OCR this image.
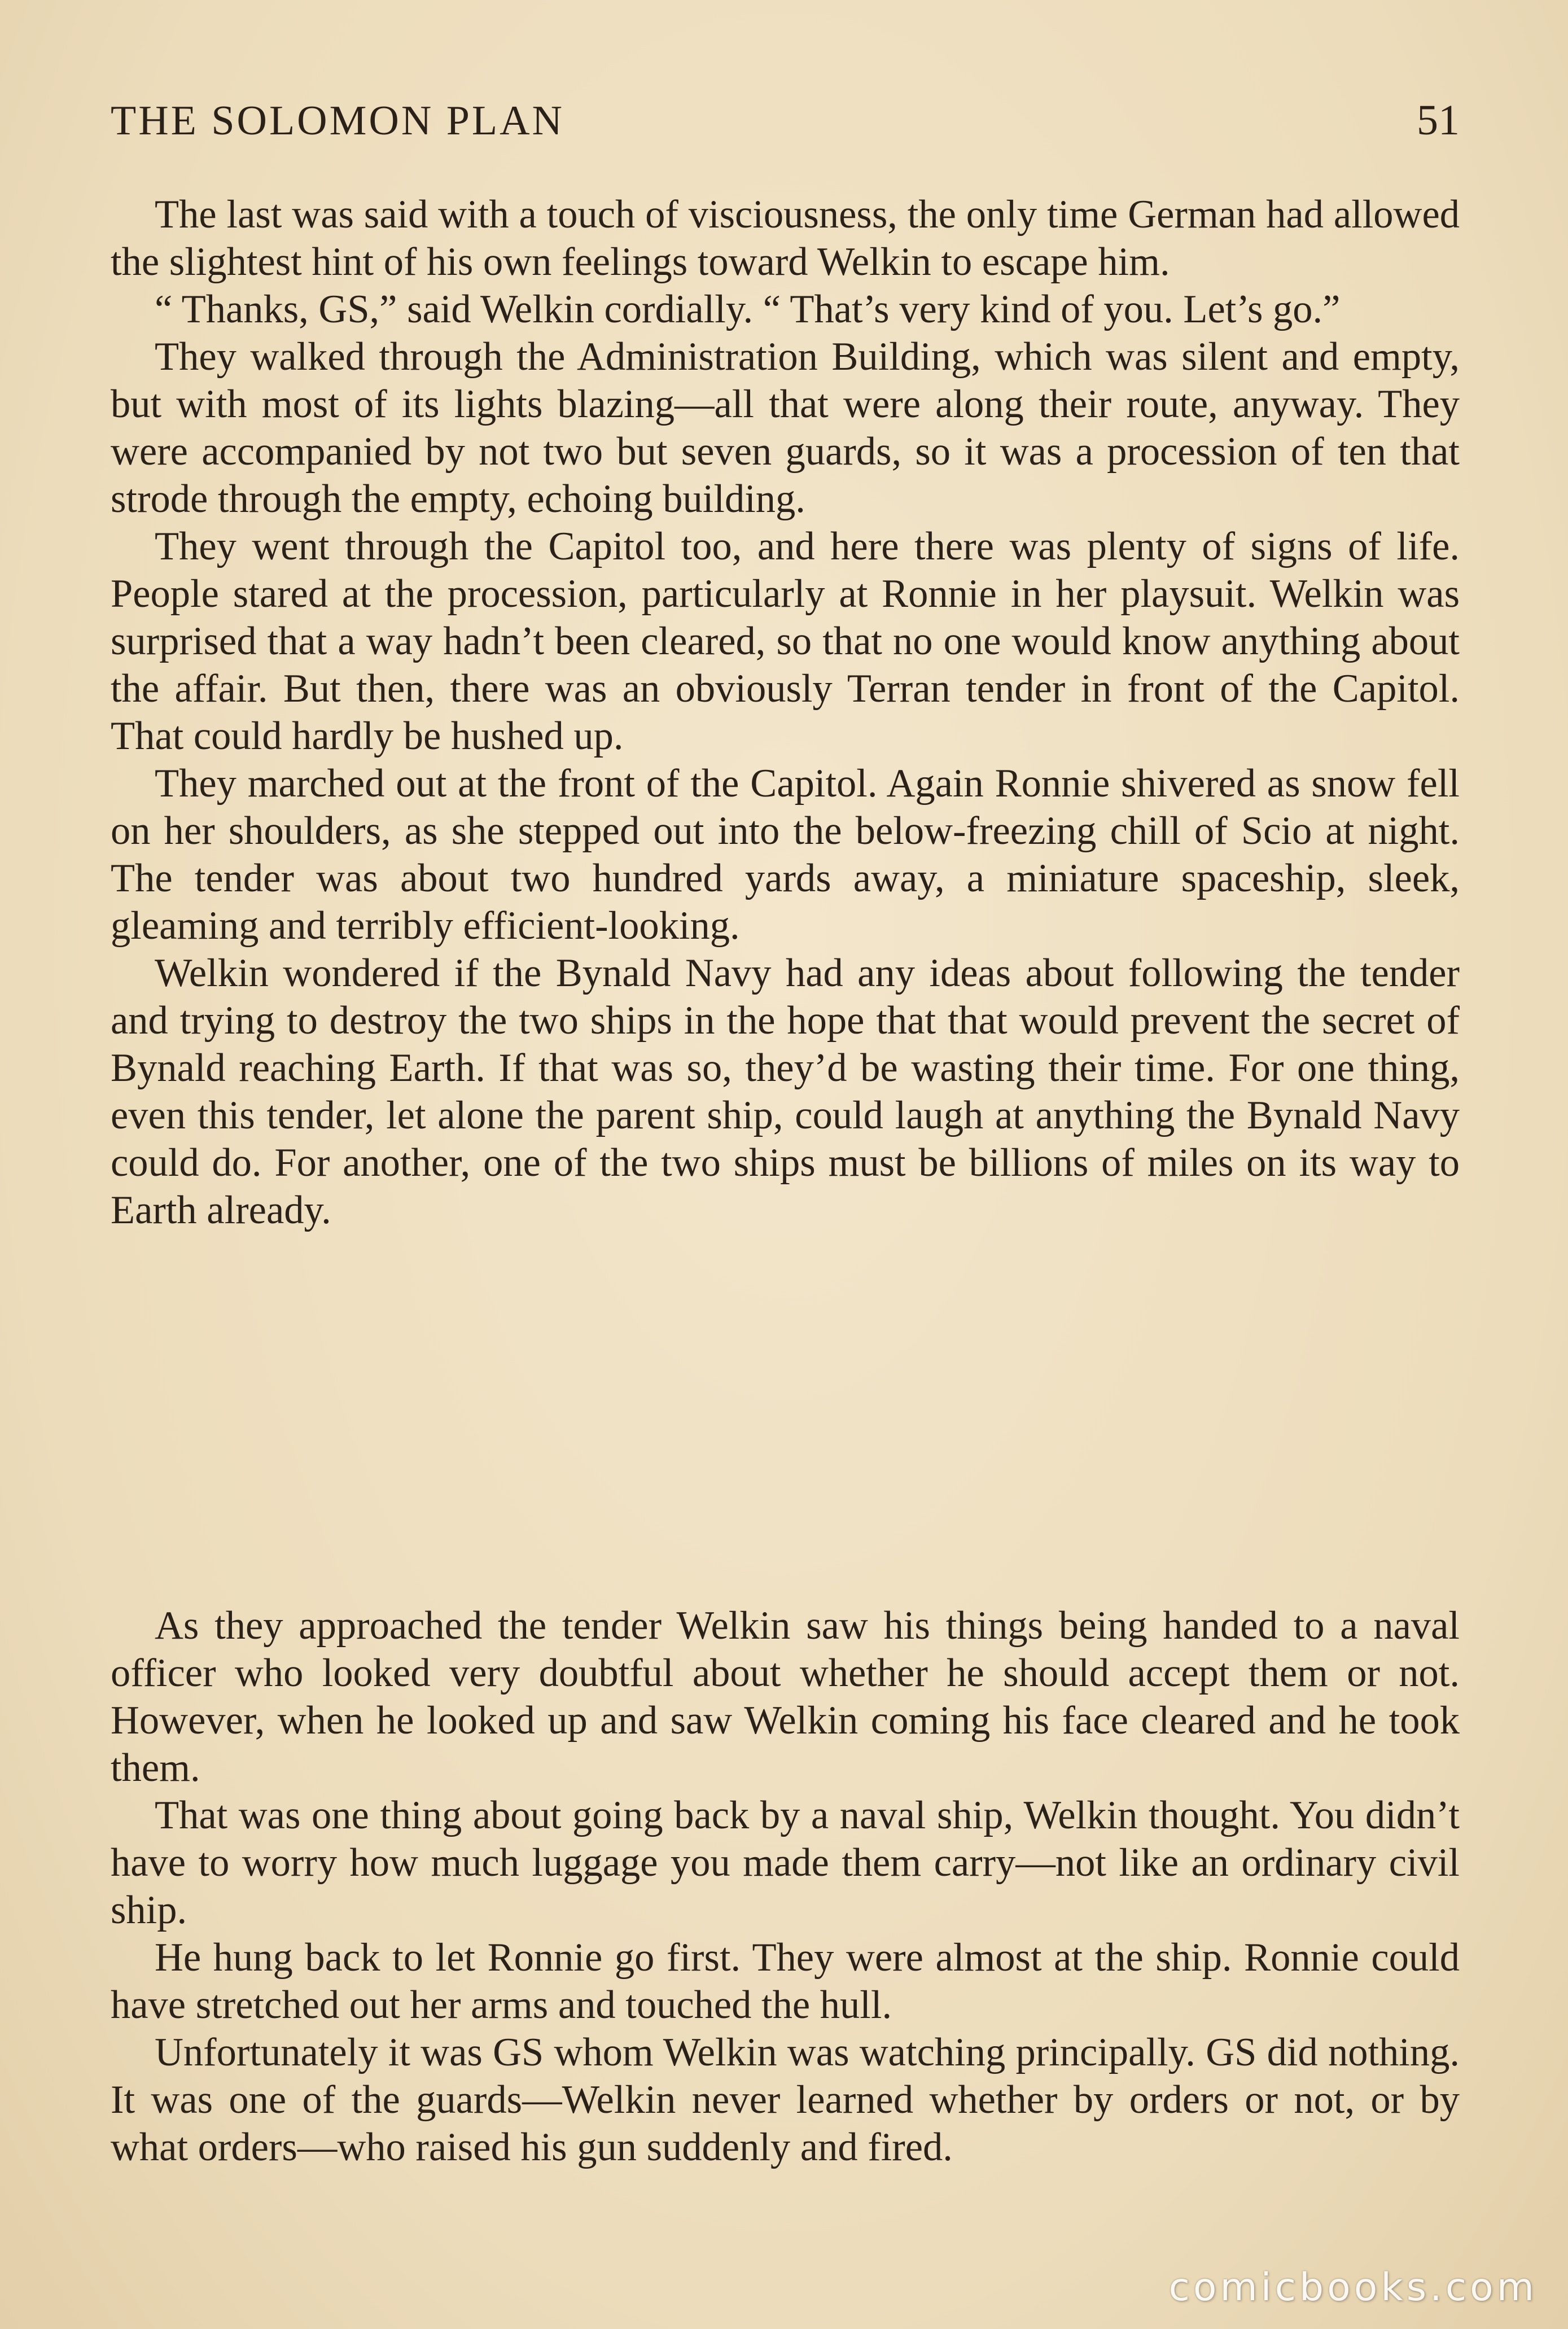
THE SOLOMON PLAN	51

The last was said with a touch of visciousness, the only time German had allowed the slightest hint of his own feelings toward Welkin to escape him.

“ Thanks, GS,” said Welkin cordially. “ That’s very kind of you. Let’s go.”

They walked through the Administration Building, which was silent and empty, but with most of its lights blazing—all that were along their route, anyway. They were accompanied by not two but seven guards, so it was a procession of ten that strode through the empty, echoing building.

They went through the Capitol too, and here there was plenty of signs of life. People stared at the procession, particularly at Ronnie in her playsuit. Welkin was surprised that a way hadn’t been cleared, so that no one would know anything about the affair. But then, there was an obviously Terran tender in front of the Capitol. That could hardly be hushed up.

They marched out at the front of the Capitol. Again Ronnie shivered as snow fell on her shoulders, as she stepped out into the below-freezing chill of Scio at night. The tender was about two hundred yards away, a miniature spaceship, sleek, gleaming and terribly efficient-looking.

Welkin wondered if the Bynald Navy had any ideas about following the tender and trying to destroy the two ships in the hope that that would prevent the secret of Bynald reaching Earth. If that was so, they’d be wasting their time. For one thing, even this tender, let alone the parent ship, could laugh at anything the Bynald Navy could do. For another, one of the two ships must be billions of miles on its way to Earth already.

As they approached the tender Welkin saw his things being handed to a naval officer who looked very doubtful about whether he should accept them or not. However, when he looked up and saw Welkin coming his face cleared and he took them.

That was one thing about going back by a naval ship, Welkin thought. You didn’t have to worry how much luggage you made them carry—not like an ordinary civil ship.

He hung back to let Ronnie go first. They were almost at the ship. Ronnie could have stretched out her arms and touched the hull.

Unfortunately it was GS whom Welkin was watching principally. GS did nothing. It was one of the guards—Welkin never learned whether by orders or not, or by what orders—who raised his gun suddenly and fired.

comicbooks.com
